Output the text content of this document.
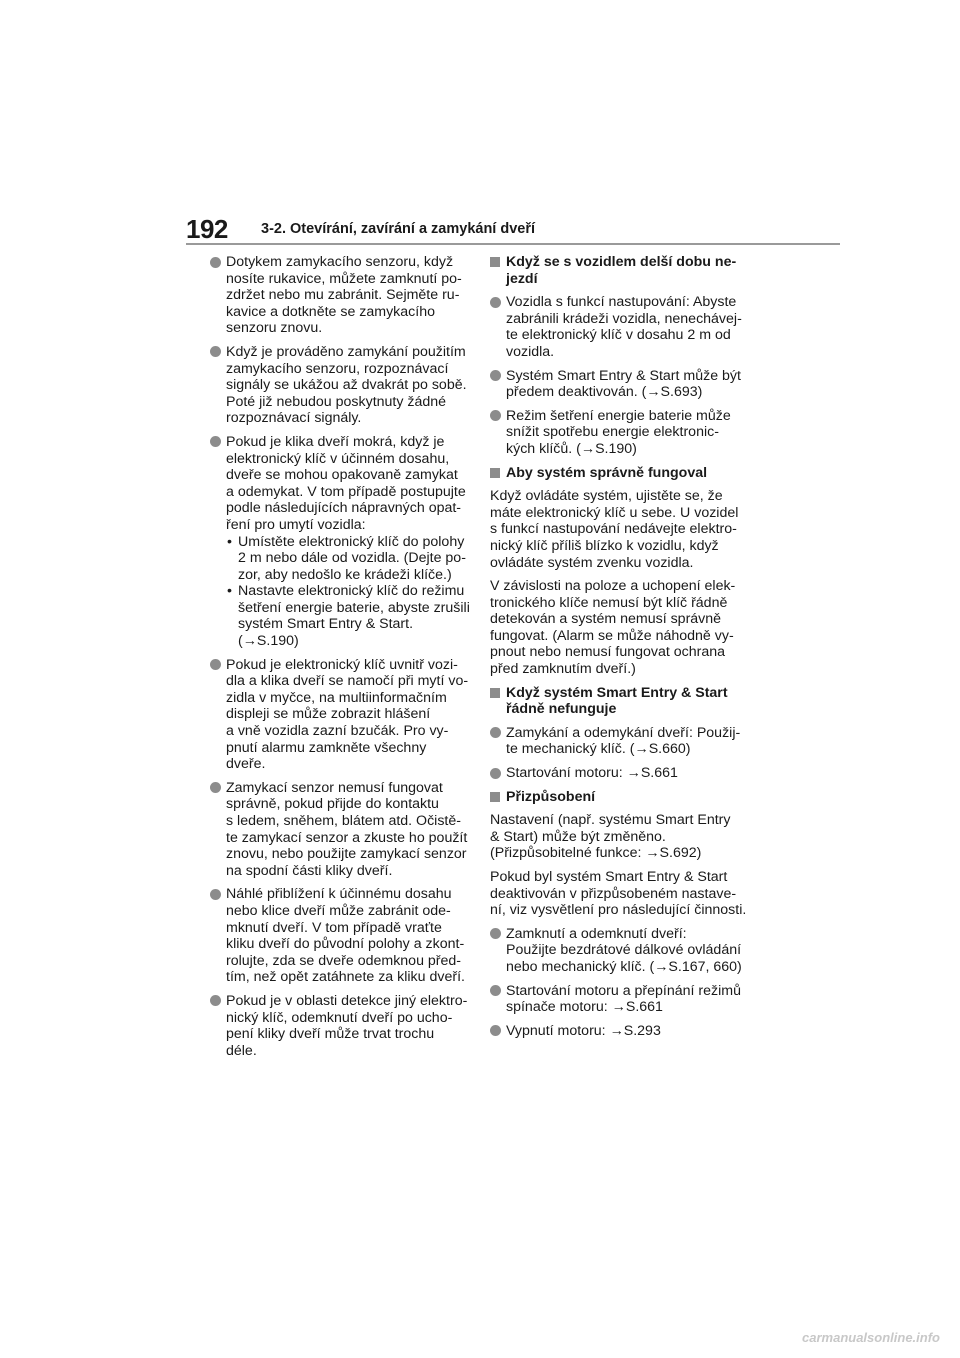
192 3-2. Otevírání, zavírání a zamykání dveří
Dotykem zamykacího senzoru, když
nosíte rukavice, můžete zamknutí po-
zdržet nebo mu zabránit. Sejměte ru-
kavice a dotkněte se zamykacího
senzoru znovu.
Když je prováděno zamykání použitím
zamykacího senzoru, rozpoznávací
signály se ukážou až dvakrát po sobě.
Poté již nebudou poskytnuty žádné
rozpoznávací signály.
Pokud je klika dveří mokrá, když je
elektronický klíč v účinném dosahu,
dveře se mohou opakovaně zamykat
a odemykat. V tom případě postupujte
podle následujících nápravných opat-
ření pro umytí vozidla:
• Umístěte elektronický klíč do polohy
2 m nebo dále od vozidla. (Dejte po-
zor, aby nedošlo ke krádeži klíče.)
• Nastavte elektronický klíč do režimu
šetření energie baterie, abyste zrušili
systém Smart Entry & Start. (→S.190)
Pokud je elektronický klíč uvnitř vozi-
dla a klika dveří se namočí při mytí vo-
zidla v myčce, na multiinformačním
displeji se může zobrazit hlášení
a vně vozidla zazní bzučák. Pro vy-
pnutí alarmu zamkněte všechny
dveře.
Zamykací senzor nemusí fungovat
správně, pokud přijde do kontaktu
s ledem, sněhem, blátem atd. Očistě-
te zamykací senzor a zkuste ho použít
znovu, nebo použijte zamykací senzor
na spodní části kliky dveří.
Náhlé přiblížení k účinnému dosahu
nebo klice dveří může zabránit ode-
mknutí dveří. V tom případě vraťte
kliku dveří do původní polohy a zkont-
rolujte, zda se dveře odemknou před-
tím, než opět zatáhnete za kliku dveří.
Pokud je v oblasti detekce jiný elektro-
nický klíč, odemknutí dveří po ucho-
pení kliky dveří může trvat trochu
déle.
Když se s vozidlem delší dobu ne-
jezdí
Vozidla s funkcí nastupování: Abyste
zabránili krádeži vozidla, nenechávej-
te elektronický klíč v dosahu 2 m od
vozidla.
Systém Smart Entry & Start může být
předem deaktivován. (→S.693)
Režim šetření energie baterie může
snížit spotřebu energie elektronic-
kých klíčů. (→S.190)
Aby systém správně fungoval
Když ovládáte systém, ujistěte se, že
máte elektronický klíč u sebe. U vozidel
s funkcí nastupování nedávejte elektro-
nický klíč příliš blízko k vozidlu, když
ovládáte systém zvenku vozidla.
V závislosti na poloze a uchopení elek-
tronického klíče nemusí být klíč řádně
detekován a systém nemusí správně
fungovat. (Alarm se může náhodně vy-
pnout nebo nemusí fungovat ochrana
před zamknutím dveří.)
Když systém Smart Entry & Start
řádně nefunguje
Zamykání a odemykání dveří: Použij-
te mechanický klíč. (→S.660)
Startování motoru: →S.661
Přizpůsobení
Nastavení (např. systému Smart Entry
& Start) může být změněno.
(Přizpůsobitelné funkce: →S.692)
Pokud byl systém Smart Entry & Start
deaktivován v přizpůsobeném nastave-
ní, viz vysvětlení pro následující činnosti.
Zamknutí a odemknutí dveří:
Použijte bezdrátové dálkové ovládání
nebo mechanický klíč. (→S.167, 660)
Startování motoru a přepínání režimů
spínače motoru: →S.661
Vypnutí motoru: →S.293
carmanualsonline.info
